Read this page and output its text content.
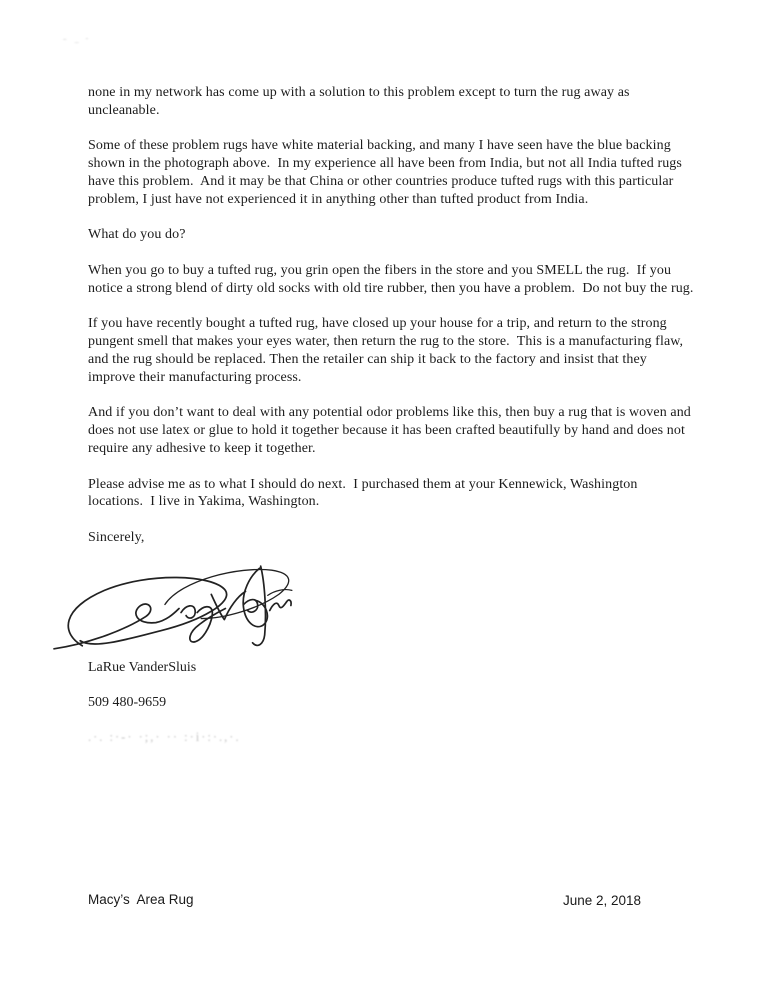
none in my network has come up with a solution to this problem except to turn the rug away as uncleanable.

Some of these problem rugs have white material backing, and many I have seen have the blue backing shown in the photograph above.  In my experience all have been from India, but not all India tufted rugs have this problem.  And it may be that China or other countries produce tufted rugs with this particular problem, I just have not experienced it in anything other than tufted product from India.

What do you do?

When you go to buy a tufted rug, you grin open the fibers in the store and you SMELL the rug.  If you notice a strong blend of dirty old socks with old tire rubber, then you have a problem.  Do not buy the rug.

If you have recently bought a tufted rug, have closed up your house for a trip, and return to the strong pungent smell that makes your eyes water, then return the rug to the store.  This is a manufacturing flaw, and the rug should be replaced. Then the retailer can ship it back to the factory and insist that they improve their manufacturing process.

And if you don’t want to deal with any potential odor problems like this, then buy a rug that is woven and does not use latex or glue to hold it together because it has been crafted beautifully by hand and does not require any adhesive to keep it together.

Please advise me as to what I should do next.  I purchased them at your Kennewick, Washington locations.  I live in Yakima, Washington.

Sincerely,

LaRue VanderSluis
509 480-9659
.·. :·-· ·;,· ·· :·i·:·.,·.
Macy’s  Area Rug	June 2, 2018
